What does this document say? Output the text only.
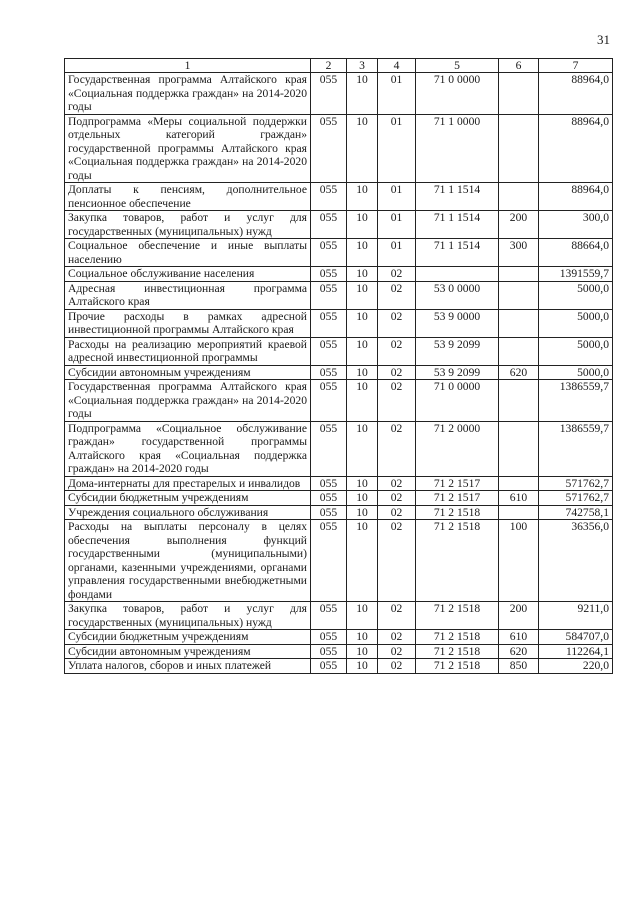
31
1	2	3	4	5	6	7
Государственная программа Алтайского края «Социальная поддержка граждан» на 2014-2020 годы	055	10	01	71 0 0000		88964,0
Подпрограмма «Меры социальной поддержки отдельных категорий граждан» государственной программы Алтайского края «Социальная поддержка граждан» на 2014-2020 годы	055	10	01	71 1 0000		88964,0
Доплаты к пенсиям, дополнительное пенсионное обеспечение	055	10	01	71 1 1514		88964,0
Закупка товаров, работ и услуг для государственных (муниципальных) нужд	055	10	01	71 1 1514	200	300,0
Социальное обеспечение и иные выплаты населению	055	10	01	71 1 1514	300	88664,0
Социальное обслуживание населения	055	10	02			1391559,7
Адресная инвестиционная программа Алтайского края	055	10	02	53 0 0000		5000,0
Прочие расходы в рамках адресной инвестиционной программы Алтайского края	055	10	02	53 9 0000		5000,0
Расходы на реализацию мероприятий краевой адресной инвестиционной программы	055	10	02	53 9 2099		5000,0
Субсидии автономным учреждениям	055	10	02	53 9 2099	620	5000,0
Государственная программа Алтайского края «Социальная поддержка граждан» на 2014-2020 годы	055	10	02	71 0 0000		1386559,7
Подпрограмма «Социальное обслуживание граждан» государственной программы Алтайского края «Социальная поддержка граждан» на 2014-2020 годы	055	10	02	71 2 0000		1386559,7
Дома-интернаты для престарелых и инвалидов	055	10	02	71 2 1517		571762,7
Субсидии бюджетным учреждениям	055	10	02	71 2 1517	610	571762,7
Учреждения социального обслуживания	055	10	02	71 2 1518		742758,1
Расходы на выплаты персоналу в целях обеспечения выполнения функций государственными (муниципальными) органами, казенными учреждениями, органами управления государственными внебюджетными фондами	055	10	02	71 2 1518	100	36356,0
Закупка товаров, работ и услуг для государственных (муниципальных) нужд	055	10	02	71 2 1518	200	9211,0
Субсидии бюджетным учреждениям	055	10	02	71 2 1518	610	584707,0
Субсидии автономным учреждениям	055	10	02	71 2 1518	620	112264,1
Уплата налогов, сборов и иных платежей	055	10	02	71 2 1518	850	220,0
